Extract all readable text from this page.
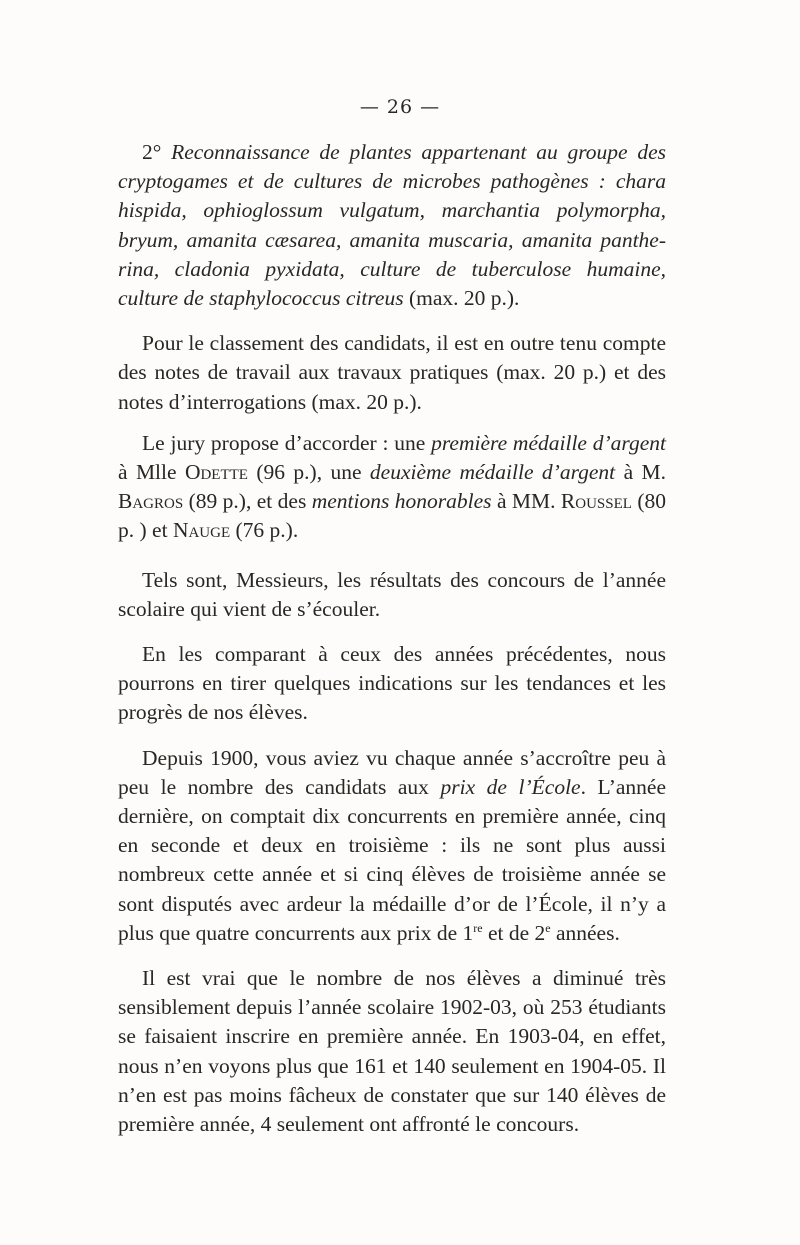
— 26 —

2° Reconnaissance de plantes appartenant au groupe des cryptogames et de cultures de microbes pathogènes : chara hispida, ophioglossum vulgatum, marchantia polymorpha, bryum, amanita cæsarea, amanita muscaria, amanita panthe-rina, cladonia pyxidata, culture de tuberculose humaine, culture de staphylococcus citreus (max. 20 p.).

Pour le classement des candidats, il est en outre tenu compte des notes de travail aux travaux pratiques (max. 20 p.) et des notes d’interrogations (max. 20 p.).

Le jury propose d’accorder : une première médaille d’argent à Mlle Odette (96 p.), une deuxième médaille d’argent à M. Bagros (89 p.), et des mentions honorables à MM. Roussel (80 p. ) et Nauge (76 p.).

Tels sont, Messieurs, les résultats des concours de l’année scolaire qui vient de s’écouler.

En les comparant à ceux des années précédentes, nous pourrons en tirer quelques indications sur les tendances et les progrès de nos élèves.

Depuis 1900, vous aviez vu chaque année s’accroître peu à peu le nombre des candidats aux prix de l’École. L’année dernière, on comptait dix concurrents en première année, cinq en seconde et deux en troisième : ils ne sont plus aussi nombreux cette année et si cinq élèves de troisième année se sont disputés avec ardeur la médaille d’or de l’École, il n’y a plus que quatre concurrents aux prix de 1re et de 2e années.

Il est vrai que le nombre de nos élèves a diminué très sensiblement depuis l’année scolaire 1902-03, où 253 étudiants se faisaient inscrire en première année. En 1903-04, en effet, nous n’en voyons plus que 161 et 140 seulement en 1904-05. Il n’en est pas moins fâcheux de constater que sur 140 élèves de première année, 4 seulement ont affronté le concours.
